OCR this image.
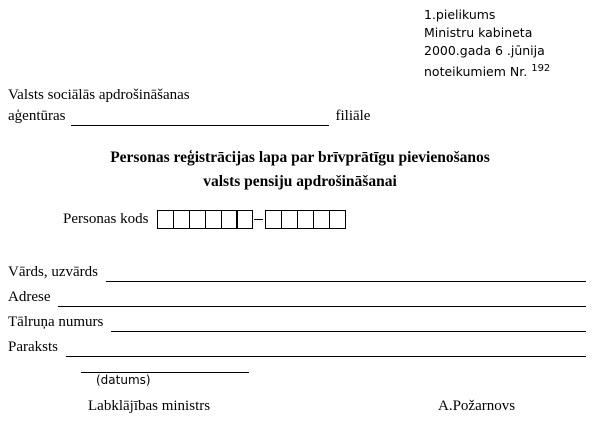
1.pielikums
Ministru kabineta
2000.gada 6 .jūnija
noteikumiem Nr. $^{192}$
Valsts sociālās apdrošināšanas
aģentūras	filiāle
Personas reģistrācijas lapa par brīvprātīgu pievienošanos
valsts pensiju apdrošināšanai
Personas kods
Vārds, uzvārds
Adrese
Tālruņa numurs
Paraksts
(datums)
Labklājības ministrs	A.Požarnovs
